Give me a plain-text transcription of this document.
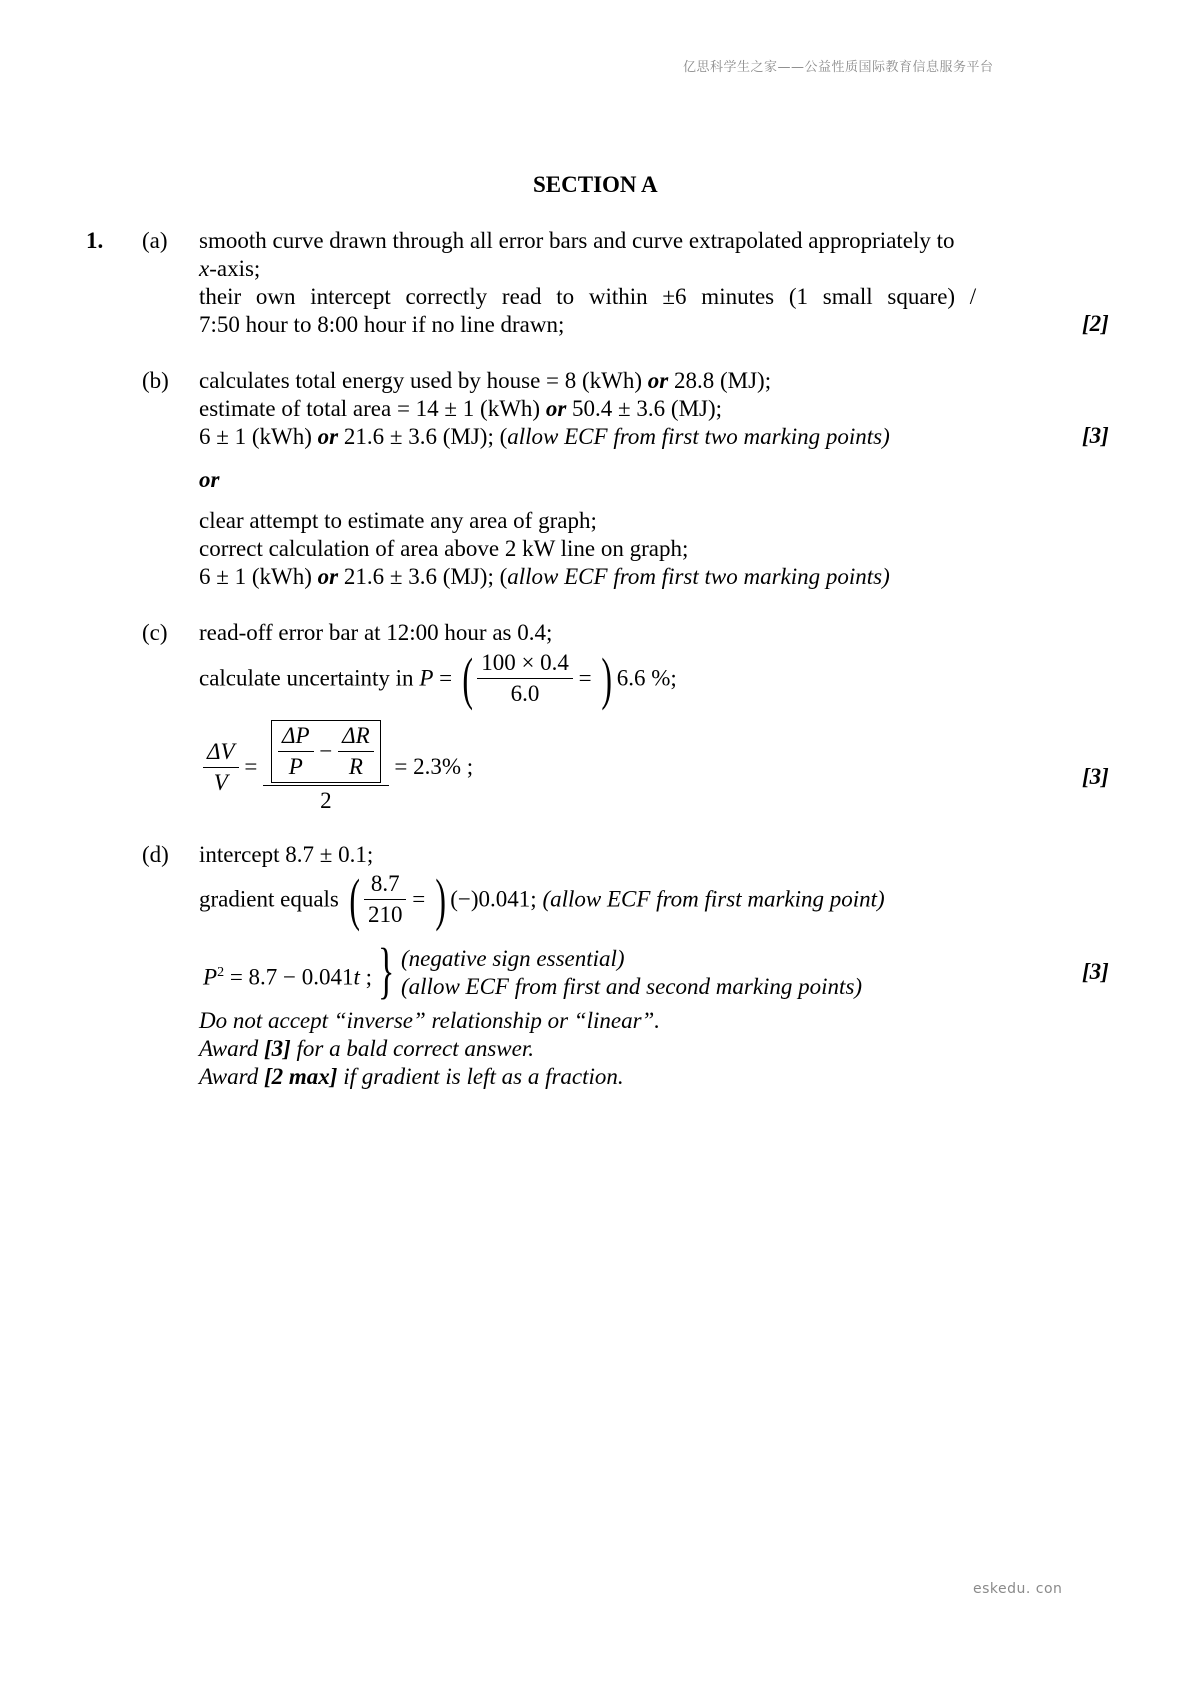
亿思科学生之家——公益性质国际教育信息服务平台
eskedu. con
SECTION A
1. (a) smooth curve drawn through all error bars and curve extrapolated appropriately to
x-axis;
their own intercept correctly read to within ±6 minutes (1 small square) /
7:50 hour to 8:00 hour if no line drawn;	[2]
(b) calculates total energy used by house = 8 (kWh) or 28.8 (MJ);
estimate of total area = 14 ± 1 (kWh) or 50.4 ± 3.6 (MJ);
6 ± 1 (kWh) or 21.6 ± 3.6 (MJ); (allow ECF from first two marking points)	[3]
or
clear attempt to estimate any area of graph;
correct calculation of area above 2 kW line on graph;
6 ± 1 (kWh) or 21.6 ± 3.6 (MJ); (allow ECF from first two marking points)
(c) read-off error bar at 12:00 hour as 0.4;
calculate uncertainty in P = ( $\frac{100 \times 0.4}{6.0}$ = ) 6.6 %;
$\frac{\Delta V}{V} = \frac{\frac{\Delta P}{P} - \frac{\Delta R}{R}}{2} = 2.3\%$ ;	[3]
(d) intercept 8.7 ± 0.1;
gradient equals ( $\frac{8.7}{210}$ = ) (−)0.041; (allow ECF from first marking point)
$P^2 = 8.7 - 0.041t$ ; } (negative sign essential)
(allow ECF from first and second marking points)
[3]
Do not accept “inverse” relationship or “linear”.
Award [3] for a bald correct answer.
Award [2 max] if gradient is left as a fraction.
